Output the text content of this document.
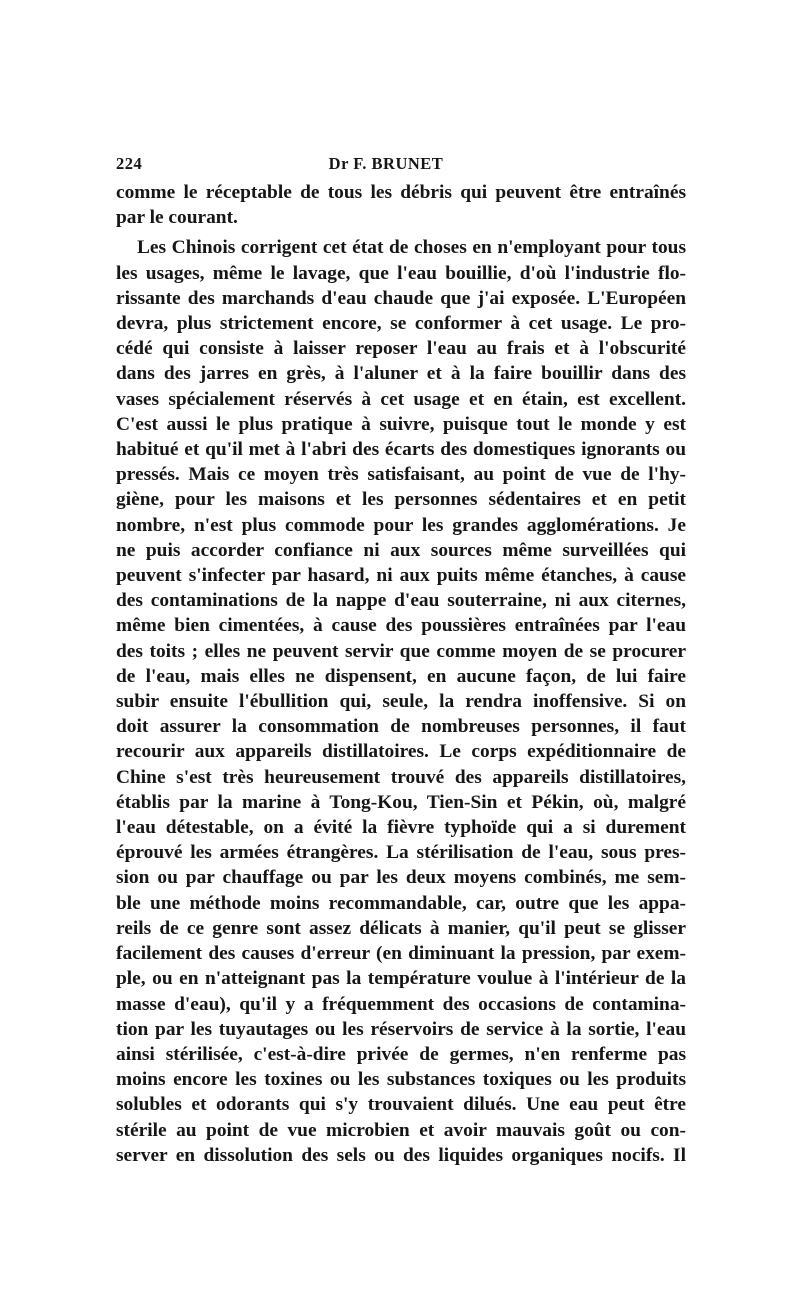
224	Dr F. BRUNET
comme le réceptable de tous les débris qui peuvent être entraînés
par le courant.
Les Chinois corrigent cet état de choses en n'employant pour tous
les usages, même le lavage, que l'eau bouillie, d'où l'industrie flo-
rissante des marchands d'eau chaude que j'ai exposée. L'Européen
devra, plus strictement encore, se conformer à cet usage. Le pro-
cédé qui consiste à laisser reposer l'eau au frais et à l'obscurité
dans des jarres en grès, à l'aluner et à la faire bouillir dans des
vases spécialement réservés à cet usage et en étain, est excellent.
C'est aussi le plus pratique à suivre, puisque tout le monde y est
habitué et qu'il met à l'abri des écarts des domestiques ignorants ou
pressés. Mais ce moyen très satisfaisant, au point de vue de l'hy-
giène, pour les maisons et les personnes sédentaires et en petit
nombre, n'est plus commode pour les grandes agglomérations. Je
ne puis accorder confiance ni aux sources même surveillées qui
peuvent s'infecter par hasard, ni aux puits même étanches, à cause
des contaminations de la nappe d'eau souterraine, ni aux citernes,
même bien cimentées, à cause des poussières entraînées par l'eau
des toits ; elles ne peuvent servir que comme moyen de se procurer
de l'eau, mais elles ne dispensent, en aucune façon, de lui faire
subir ensuite l'ébullition qui, seule, la rendra inoffensive. Si on
doit assurer la consommation de nombreuses personnes, il faut
recourir aux appareils distillatoires. Le corps expéditionnaire de
Chine s'est très heureusement trouvé des appareils distillatoires,
établis par la marine à Tong-Kou, Tien-Sin et Pékin, où, malgré
l'eau détestable, on a évité la fièvre typhoïde qui a si durement
éprouvé les armées étrangères. La stérilisation de l'eau, sous pres-
sion ou par chauffage ou par les deux moyens combinés, me sem-
ble une méthode moins recommandable, car, outre que les appa-
reils de ce genre sont assez délicats à manier, qu'il peut se glisser
facilement des causes d'erreur (en diminuant la pression, par exem-
ple, ou en n'atteignant pas la température voulue à l'intérieur de la
masse d'eau), qu'il y a fréquemment des occasions de contamina-
tion par les tuyautages ou les réservoirs de service à la sortie, l'eau
ainsi stérilisée, c'est-à-dire privée de germes, n'en renferme pas
moins encore les toxines ou les substances toxiques ou les produits
solubles et odorants qui s'y trouvaient dilués. Une eau peut être
stérile au point de vue microbien et avoir mauvais goût ou con-
server en dissolution des sels ou des liquides organiques nocifs. Il
